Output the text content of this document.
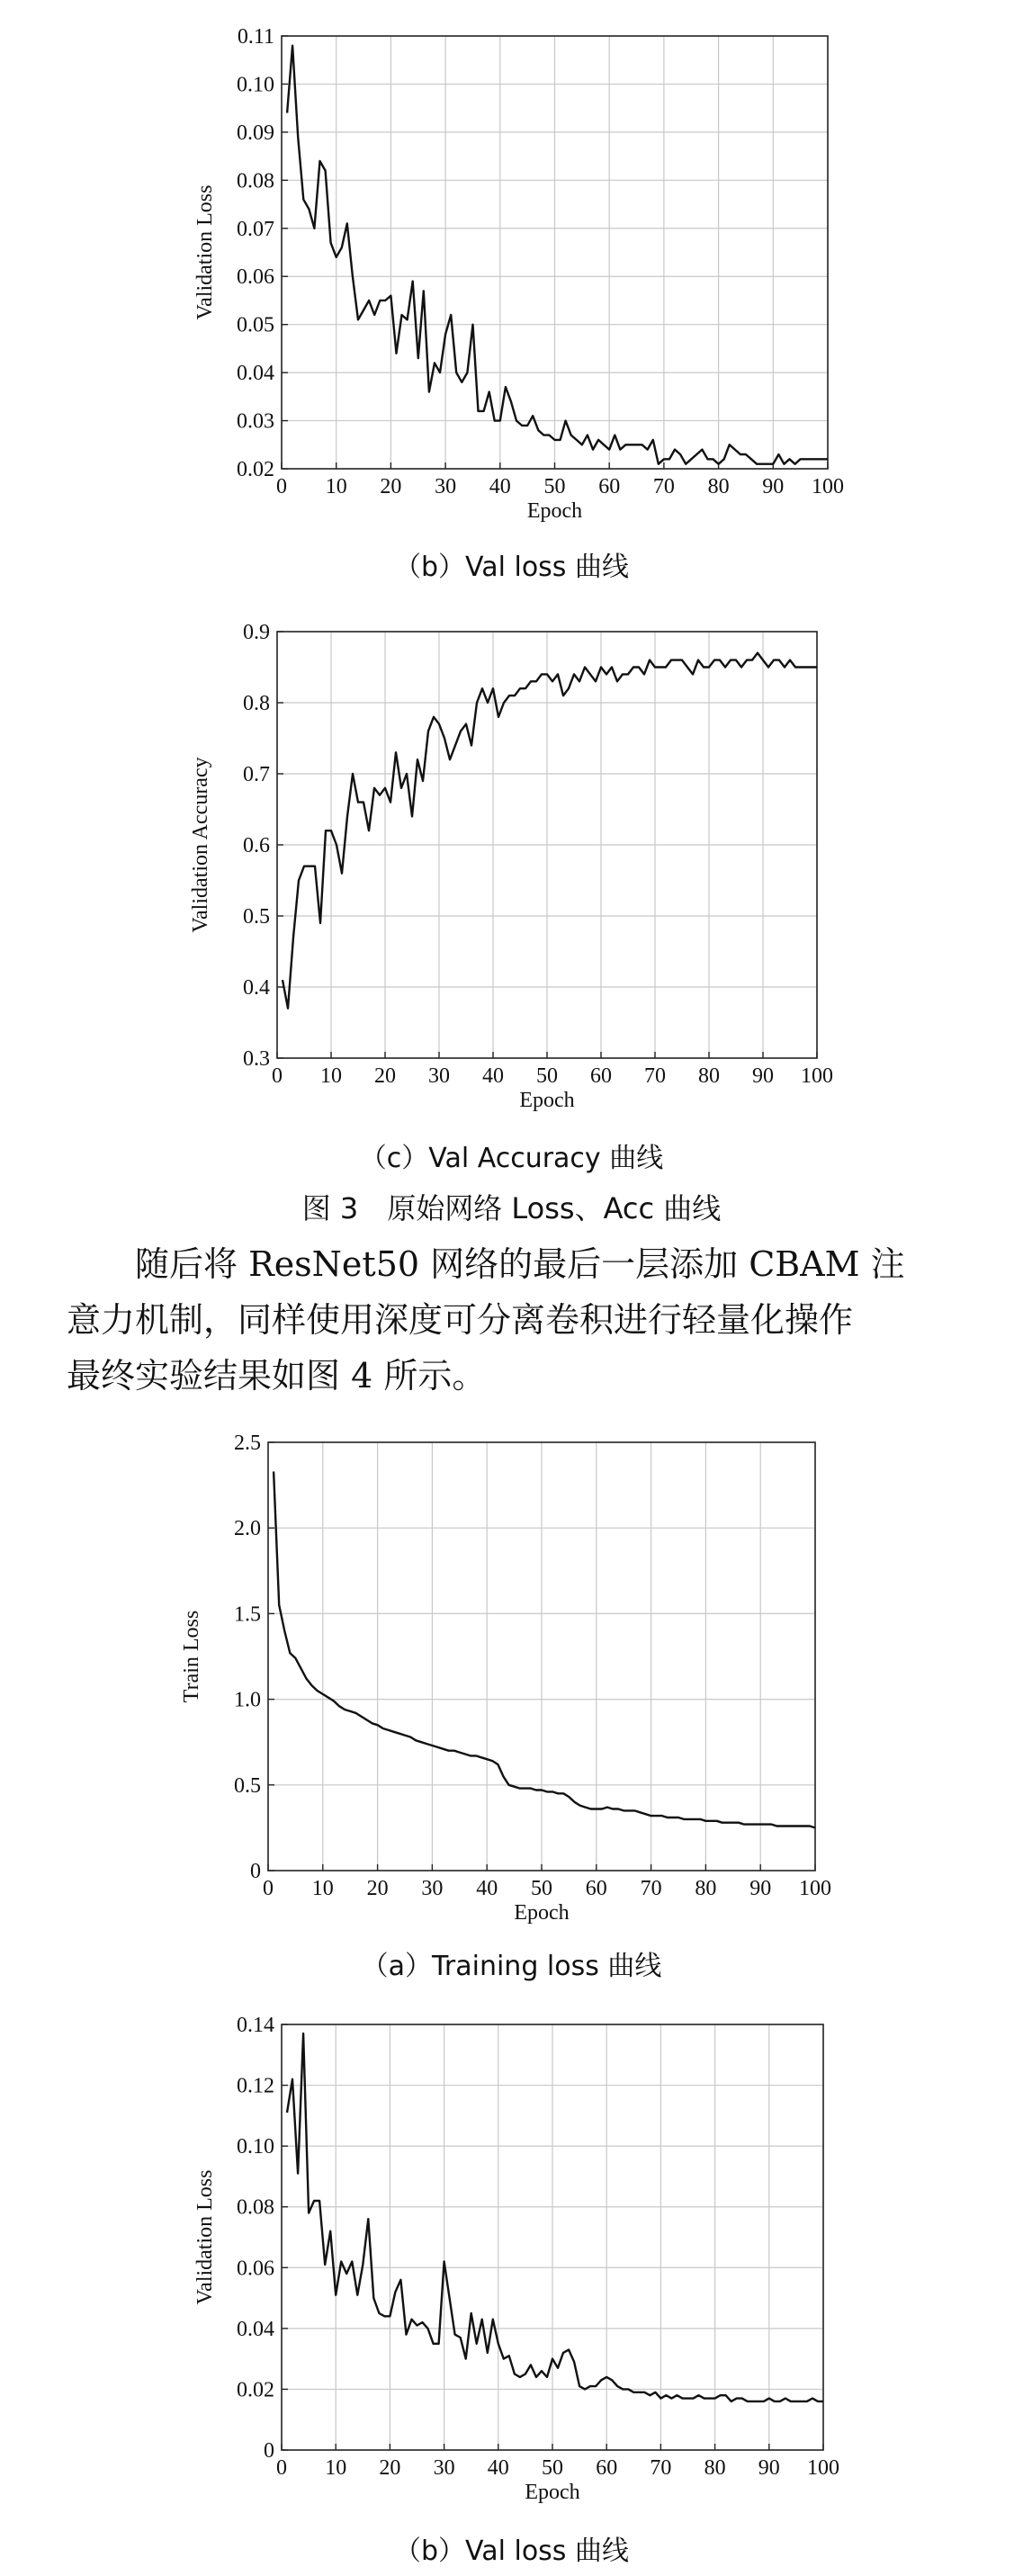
0 10 20 30 40 50 60 70 80 90 100
0.02
0.03
0.04
0.05
0.06
0.07
0.08
0.09
0.10
0.11
Epoch
Validation Loss
（b）Val loss 曲线
0 10 20 30 40 50 60 70 80 90 100
0.3
0.4
0.5
0.6
0.7
0.8
0.9
Epoch
Validation Accuracy
（c）Val Accuracy 曲线
图 3　原始网络 Loss、Acc 曲线
随后将 ResNet50 网络的最后一层添加 CBAM 注
意力机制，同样使用深度可分离卷积进行轻量化操作
最终实验结果如图 4 所示。
0 10 20 30 40 50 60 70 80 90 100
0
0.5
1.0
1.5
2.0
2.5
Epoch
Train Loss
（a）Training loss 曲线
0 10 20 30 40 50 60 70 80 90 100
0
0.02
0.04
0.06
0.08
0.10
0.12
0.14
Epoch
Validation Loss
（b）Val loss 曲线
